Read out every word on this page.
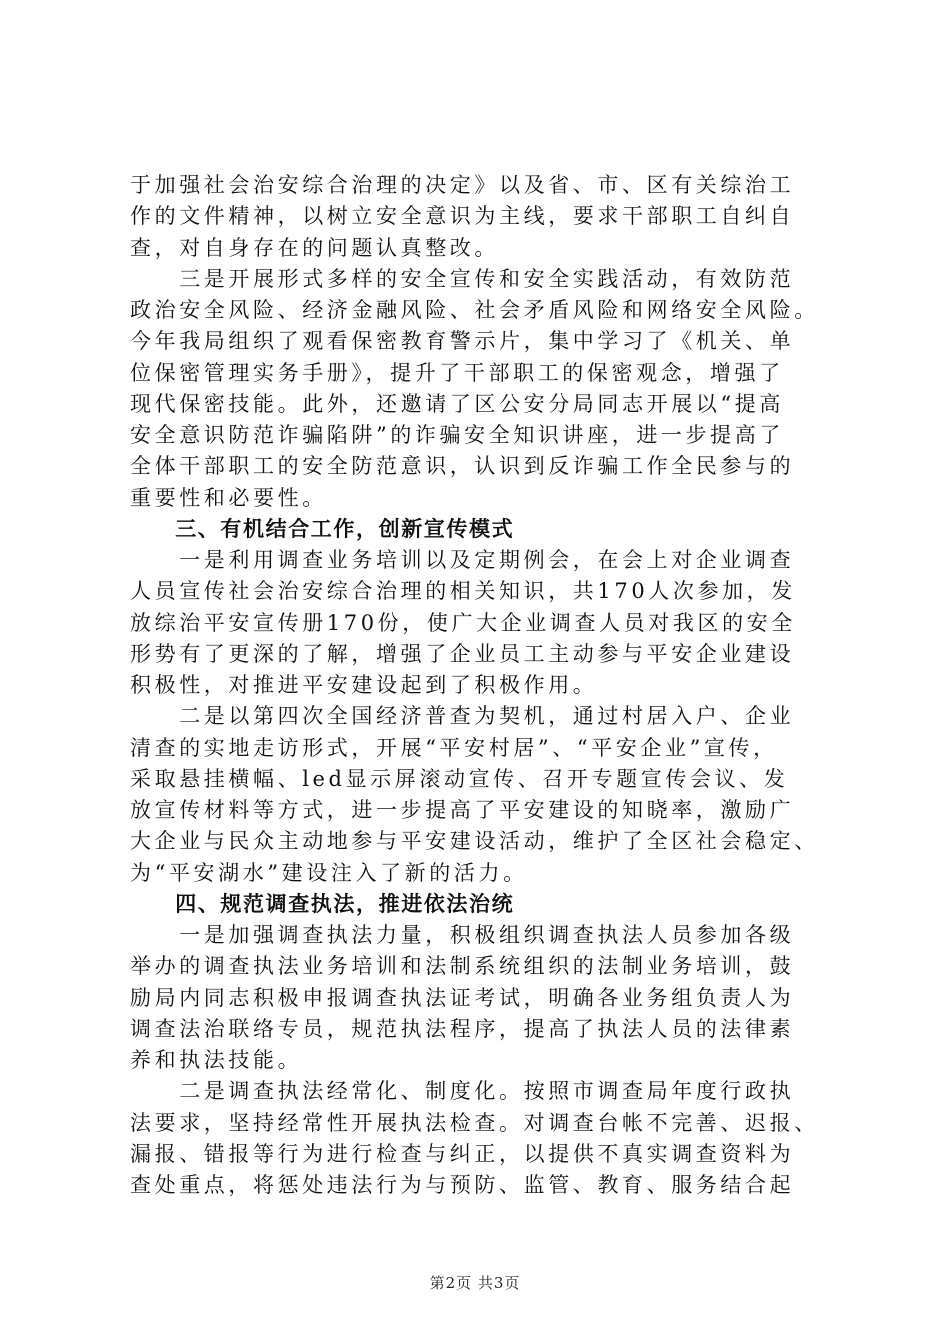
于加强社会治安综合治理的决定》以及省、市、区有关综治工
作的文件精神，以树立安全意识为主线，要求干部职工自纠自
查，对自身存在的问题认真整改。
　　三是开展形式多样的安全宣传和安全实践活动，有效防范
政治安全风险、经济金融风险、社会矛盾风险和网络安全风险。
今年我局组织了观看保密教育警示片，集中学习了《机关、单
位保密管理实务手册》，提升了干部职工的保密观念，增强了
现代保密技能。此外，还邀请了区公安分局同志开展以“提高
安全意识防范诈骗陷阱”的诈骗安全知识讲座，进一步提高了
全体干部职工的安全防范意识，认识到反诈骗工作全民参与的
重要性和必要性。
　　三、有机结合工作，创新宣传模式
　　一是利用调查业务培训以及定期例会，在会上对企业调查
人员宣传社会治安综合治理的相关知识，共170人次参加，发
放综治平安宣传册170份，使广大企业调查人员对我区的安全
形势有了更深的了解，增强了企业员工主动参与平安企业建设
积极性，对推进平安建设起到了积极作用。
　　二是以第四次全国经济普查为契机，通过村居入户、企业
清查的实地走访形式，开展“平安村居”、“平安企业”宣传，
采取悬挂横幅、led显示屏滚动宣传、召开专题宣传会议、发
放宣传材料等方式，进一步提高了平安建设的知晓率，激励广
大企业与民众主动地参与平安建设活动，维护了全区社会稳定、
为“平安湖水”建设注入了新的活力。
　　四、规范调查执法，推进依法治统
　　一是加强调查执法力量，积极组织调查执法人员参加各级
举办的调查执法业务培训和法制系统组织的法制业务培训，鼓
励局内同志积极申报调查执法证考试，明确各业务组负责人为
调查法治联络专员，规范执法程序，提高了执法人员的法律素
养和执法技能。
　　二是调查执法经常化、制度化。按照市调查局年度行政执
法要求，坚持经常性开展执法检查。对调查台帐不完善、迟报、
漏报、错报等行为进行检查与纠正，以提供不真实调查资料为
查处重点，将惩处违法行为与预防、监管、教育、服务结合起
第2页 共3页
